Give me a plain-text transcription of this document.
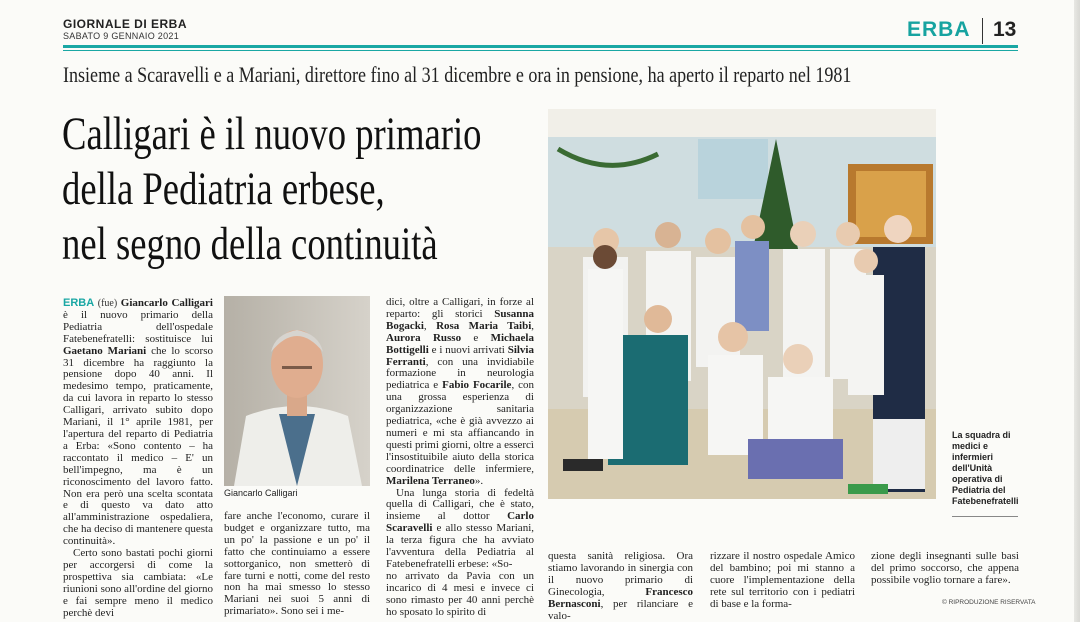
GIORNALE DI ERBA
SABATO 9 GENNAIO 2021	ERBA 13
Insieme a Scaravelli e a Mariani, direttore fino al 31 dicembre e ora in pensione, ha aperto il reparto nel 1981
Calligari è il nuovo primario
della Pediatria erbese,
nel segno della continuità
Giancarlo Calligari
La squadra di medici e infermieri dell'Unità operativa di Pediatria del Fatebenefratelli

ERBA (fue) Giancarlo Calligari è il nuovo primario della Pediatria dell'ospedale Fatebenefratelli: sostituisce lui Gaetano Mariani che lo scorso 31 dicembre ha raggiunto la pensione dopo 40 anni. Il medesimo tempo, praticamente, da cui lavora in reparto lo stesso Calligari, arrivato subito dopo Mariani, il 1° aprile 1981, per l'apertura del reparto di Pediatria a Erba: «Sono contento – ha raccontato il medico – E' un bell'impegno, ma è un riconoscimento del lavoro fatto. Non era però una scelta scontata e di questo va dato atto all'amministrazione ospedaliera, che ha deciso di mantenere questa continuità».

Certo sono bastati pochi giorni per accorgersi di come la prospettiva sia cambiata: «Le riunioni sono all'ordine del giorno e fai sempre meno il medico perchè devi

fare anche l'economo, curare il budget e organizzare tutto, ma un po' la passione e un po' il fatto che continuiamo a essere sottorganico, non smetterò di fare turni e notti, come del resto non ha mai smesso lo stesso Mariani nei suoi 5 anni di primariato». Sono sei i me-

dici, oltre a Calligari, in forze al reparto: gli storici Susanna Bogacki, Rosa Maria Taibi, Aurora Russo e Michaela Bottigelli e i nuovi arrivati Silvia Ferranti, con una invidiabile formazione in neurologia pediatrica e Fabio Focarile, con una grossa esperienza di organizzazione sanitaria pediatrica, «che è già avvezzo ai numeri e mi sta affiancando in questi primi giorni, oltre a essercì l'insostituibile aiuto della storica coordinatrice delle infermiere, Marilena Terraneo».

Una lunga storia di fedeltà quella di Calligari, che è stato, insieme al dottor Carlo Scaravelli e allo stesso Mariani, la terza figura che ha avviato l'avventura della Pediatria al Fatebenefratelli erbese: «So-

no arrivato da Pavia con un incarico di 4 mesi e invece ci sono rimasto per 40 anni perchè ho sposato lo spirito di

questa sanità religiosa. Ora stiamo lavorando in sinergia con il nuovo primario di Ginecologia, Francesco Bernasconi, per rilanciare e valo-

rizzare il nostro ospedale Amico del bambino; poi mi stanno a cuore l'implementazione della rete sul territorio con i pediatri di base e la forma-

zione degli insegnanti sulle basi del primo soccorso, che appena possibile voglio tornare a fare».

© RIPRODUZIONE RISERVATA
